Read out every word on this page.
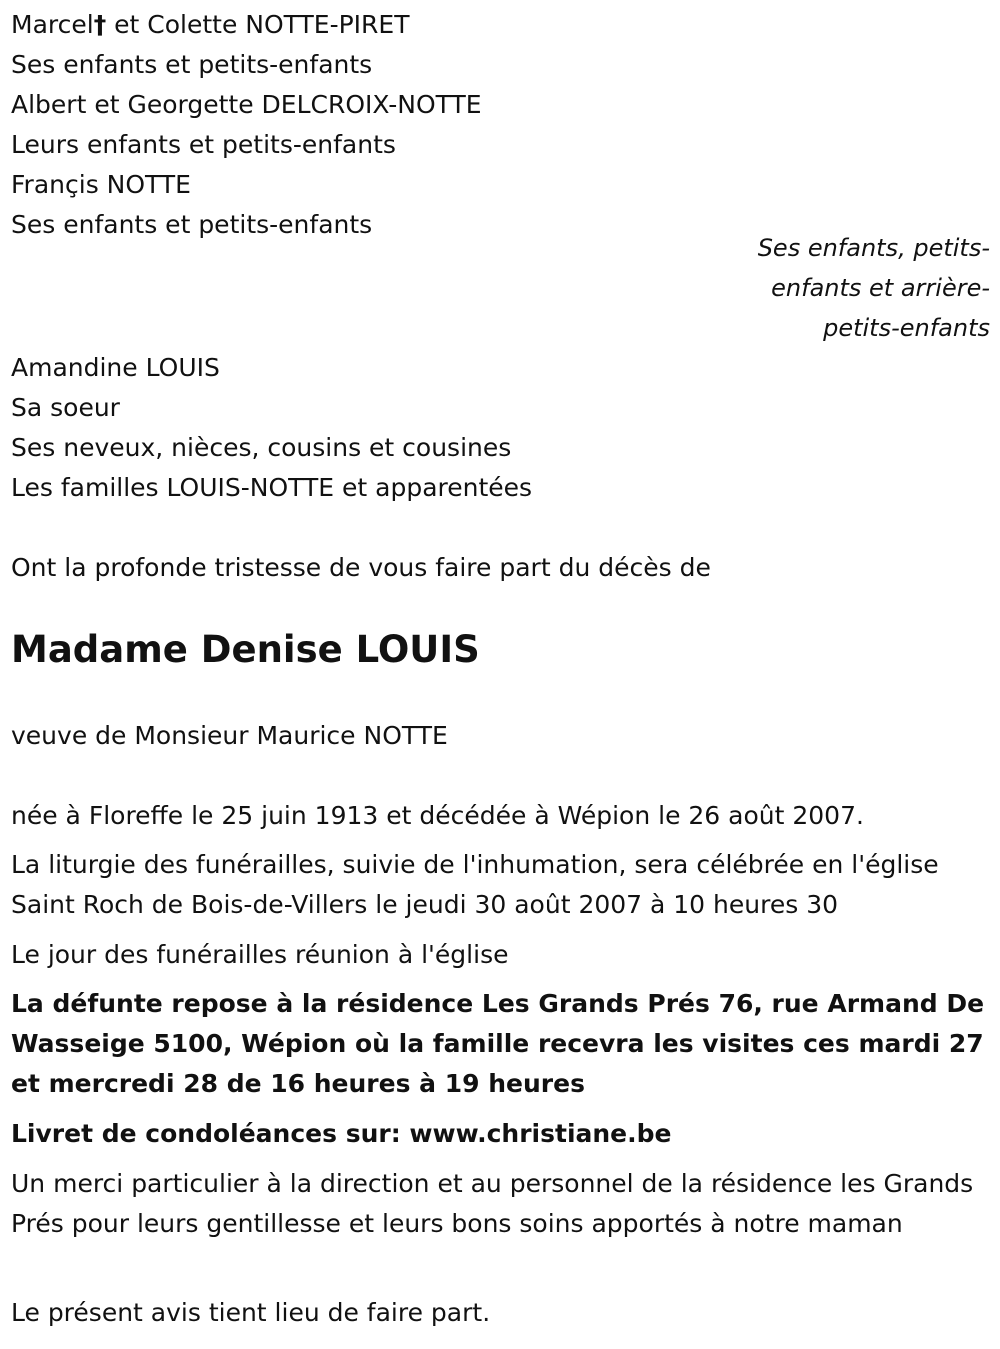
Marcel† et Colette NOTTE-PIRET
Ses enfants et petits-enfants
Albert et Georgette DELCROIX-NOTTE
Leurs enfants et petits-enfants
Françis NOTTE
Ses enfants et petits-enfants
Ses enfants, petits-
enfants et arrière-
petits-enfants
Amandine LOUIS
Sa soeur
Ses neveux, nièces, cousins et cousines
Les familles LOUIS-NOTTE et apparentées
Ont la profonde tristesse de vous faire part du décès de
Madame Denise LOUIS
veuve de Monsieur Maurice NOTTE
née à Floreffe le 25 juin 1913 et décédée à Wépion le 26 août 2007.
La liturgie des funérailles, suivie de l'inhumation, sera célébrée en l'église Saint Roch de Bois-de-Villers le jeudi 30 août 2007 à 10 heures 30
Le jour des funérailles réunion à l'église
La défunte repose à la résidence Les Grands Prés 76, rue Armand De Wasseige 5100, Wépion où la famille recevra les visites ces mardi 27 et mercredi 28 de 16 heures à 19 heures
Livret de condoléances sur: www.christiane.be
Un merci particulier à la direction et au personnel de la résidence les Grands Prés pour leurs gentillesse et leurs bons soins apportés à notre maman
Le présent avis tient lieu de faire part.
